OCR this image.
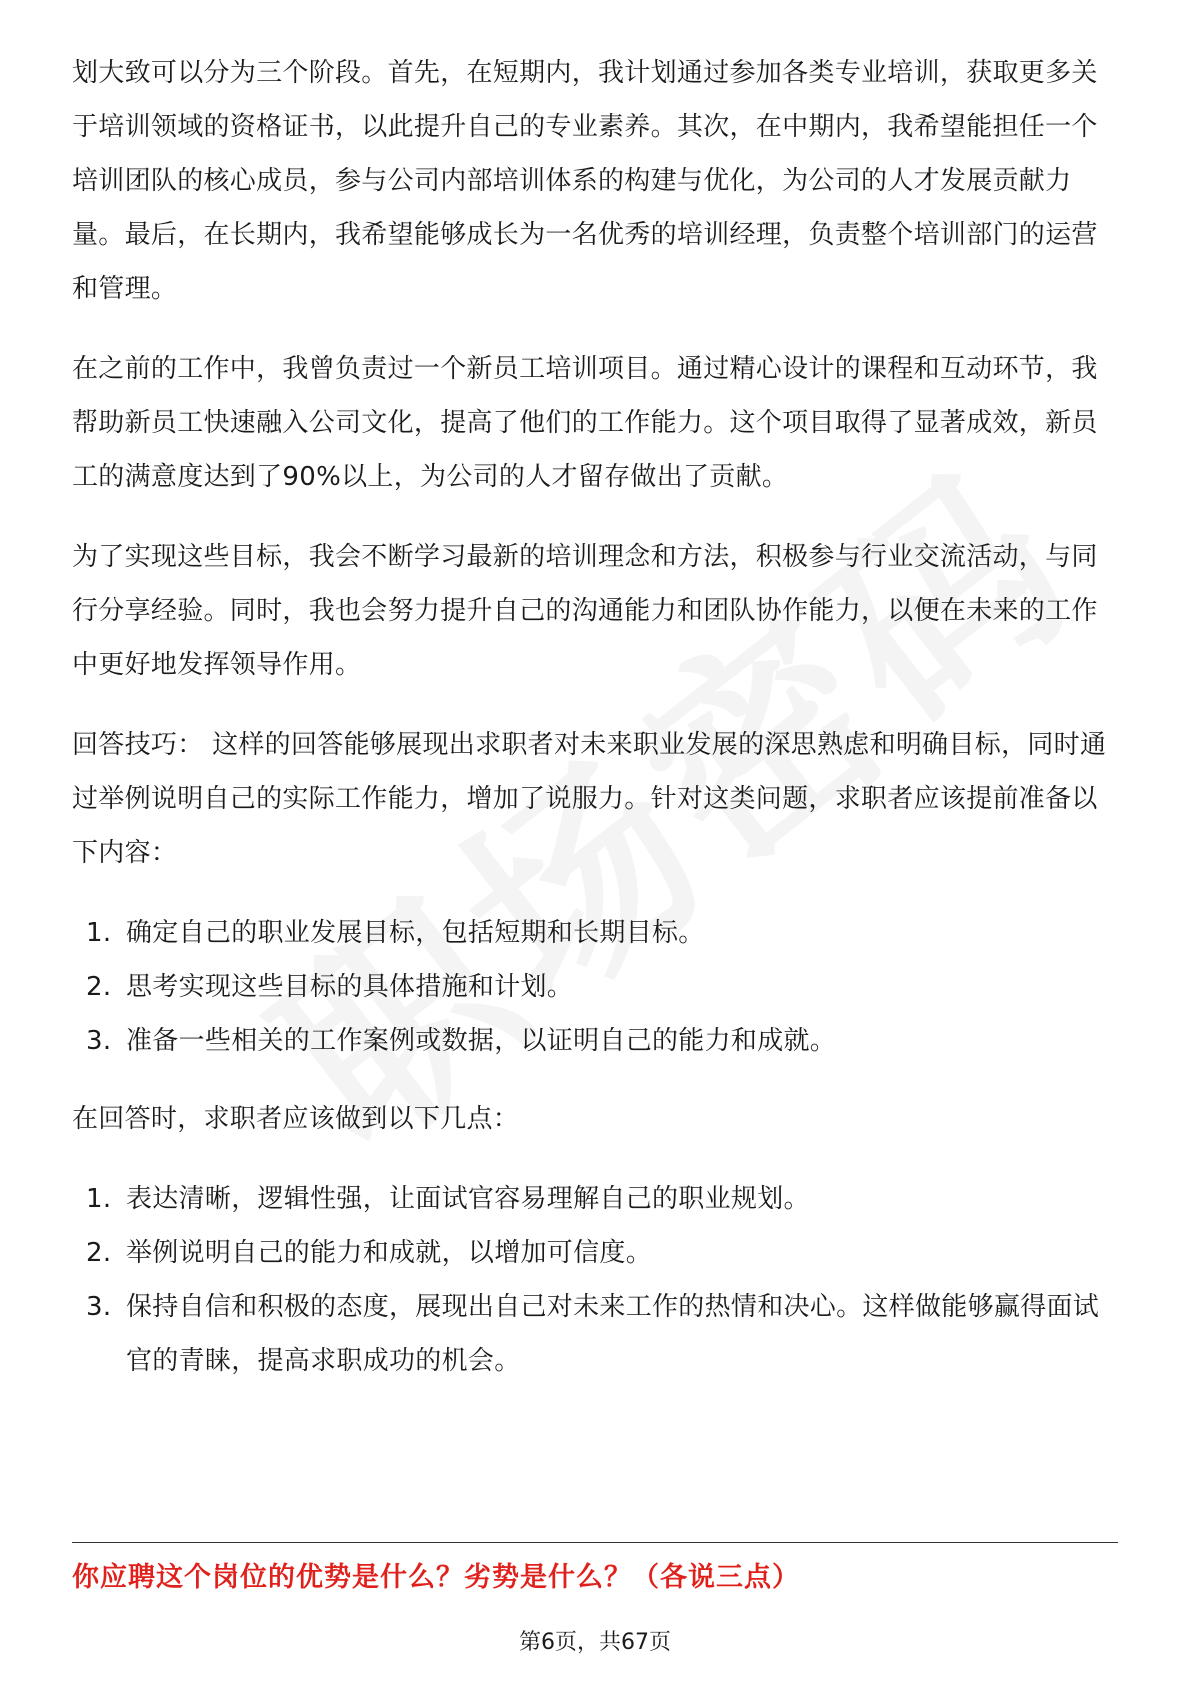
划大致可以分为三个阶段。首先，在短期内，我计划通过参加各类专业培训，获取更多关于培训领域的资格证书，以此提升自己的专业素养。其次，在中期内，我希望能担任一个培训团队的核心成员，参与公司内部培训体系的构建与优化，为公司的人才发展贡献力量。最后，在长期内，我希望能够成长为一名优秀的培训经理，负责整个培训部门的运营和管理。

在之前的工作中，我曾负责过一个新员工培训项目。通过精心设计的课程和互动环节，我帮助新员工快速融入公司文化，提高了他们的工作能力。这个项目取得了显著成效，新员工的满意度达到了90%以上，为公司的人才留存做出了贡献。

为了实现这些目标，我会不断学习最新的培训理念和方法，积极参与行业交流活动，与同行分享经验。同时，我也会努力提升自己的沟通能力和团队协作能力，以便在未来的工作中更好地发挥领导作用。

回答技巧： 这样的回答能够展现出求职者对未来职业发展的深思熟虑和明确目标，同时通过举例说明自己的实际工作能力，增加了说服力。针对这类问题，求职者应该提前准备以下内容：

1. 确定自己的职业发展目标，包括短期和长期目标。
2. 思考实现这些目标的具体措施和计划。
3. 准备一些相关的工作案例或数据，以证明自己的能力和成就。

在回答时，求职者应该做到以下几点：

1. 表达清晰，逻辑性强，让面试官容易理解自己的职业规划。
2. 举例说明自己的能力和成就，以增加可信度。
3. 保持自信和积极的态度，展现出自己对未来工作的热情和决心。这样做能够赢得面试官的青睐，提高求职成功的机会。
你应聘这个岗位的优势是什么？劣势是什么？（各说三点）
第6页，共67页
